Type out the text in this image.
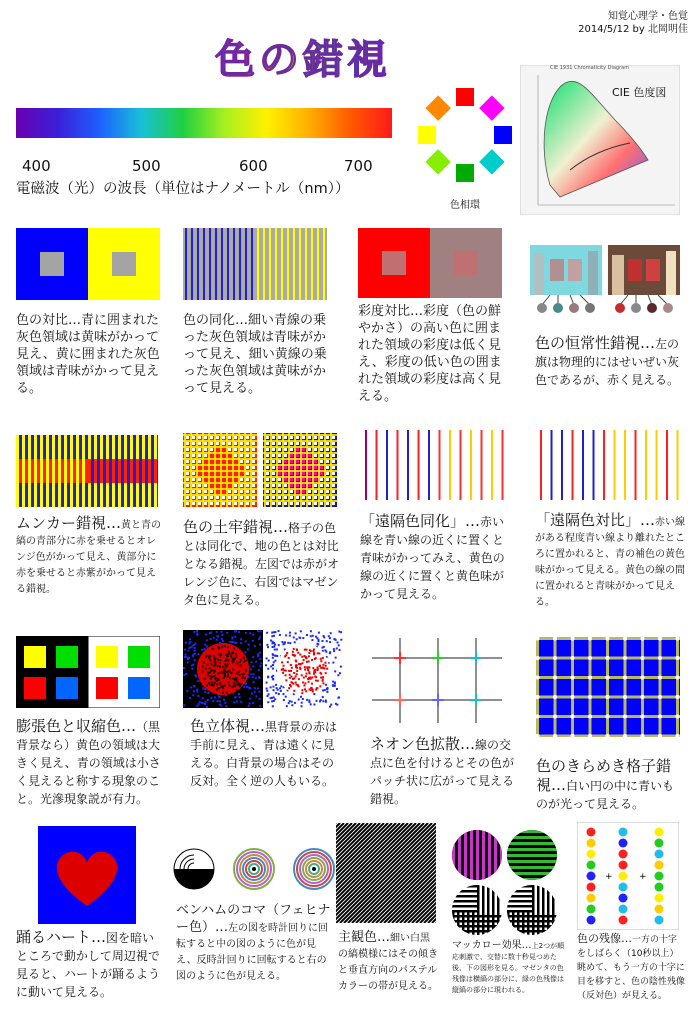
知覚心理学・色覚
2014/5/12 by 北岡明佳
色の錯視
400	500	600	700
電磁波（光）の波長（単位はナノメートル（nm））
色相環
CIE 1931 Chromaticity Diagram
CIE 色度図
色の対比…青に囲まれた灰色領域は黄味がかって見え、黄に囲まれた灰色領域は青味がかって見える。
色の同化…細い青線の乗った灰色領域は青味がかって見え、細い黄線の乗った灰色領域は黄味がかって見える。
彩度対比…彩度（色の鮮やかさ）の高い色に囲まれた領域の彩度は低く見え、彩度の低い色の囲まれた領域の彩度は高く見える。
色の恒常性錯視…左の旗は物理的にはせいぜい灰色であるが、赤く見える。
ムンカー錯視…黄と青の縞の青部分に赤を乗せるとオレンジ色がかって見え、黄部分に赤を乗せると赤紫がかって見える錯視。
色の土牢錯視…格子の色とは同化で、地の色とは対比となる錯視。左図では赤がオレンジ色に、右図ではマゼンタ色に見える。
「遠隔色同化」…赤い線を青い線の近くに置くと青味がかってみえ、黄色の線の近くに置くと黄色味がかって見える。
「遠隔色対比」…赤い線がある程度青い線より離れたところに置かれると、青の補色の黄色味がかって見える。黄色の線の間に置かれると青味がかって見える。
膨張色と収縮色…（黒背景なら）黄色の領域は大きく見え、青の領域は小さく見えると称する現象のこと。光滲現象説が有力。
色立体視…黒背景の赤は手前に見え、青は遠くに見える。白背景の場合はその反対。全く逆の人もいる。
ネオン色拡散…線の交点に色を付けるとその色がパッチ状に広がって見える錯視。
色のきらめき格子錯視…白い円の中に青いものが光って見える。
踊るハート…図を暗いところで動かして周辺視で見ると、ハートが踊るように動いて見える。
ベンハムのコマ（フェヒナー色）…左の図を時計回りに回転すると中の図のように色が見え、反時計回りに回転すると右の図のように色が見える。
主観色…細い白黒の縞模様にはその傾きと垂直方向のパステルカラーの帯が見える。
マッカロー効果…上2つが順応刺激で、交替に数十秒見つめた後、下の図形を見る。マゼンタの色残像は横縞の部分に、緑の色残像は縦縞の部分に現われる。
+	+
色の残像…一方の十字をしばらく（10秒以上）眺めて、もう一方の十字に目を移すと、色の陰性残像（反対色）が見える。
